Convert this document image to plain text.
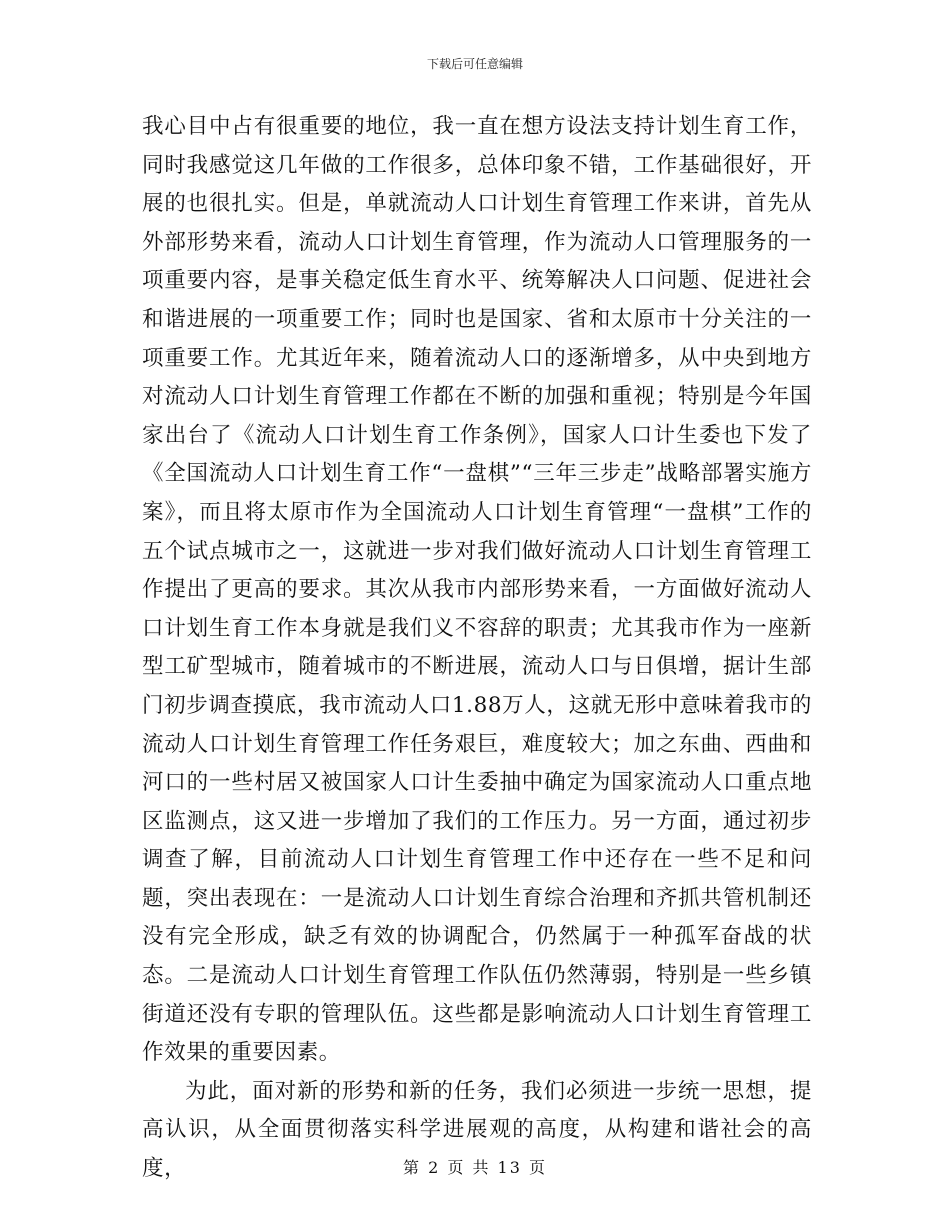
下载后可任意编辑

我心目中占有很重要的地位，我一直在想方设法支持计划生育工作，同时我感觉这几年做的工作很多，总体印象不错，工作基础很好，开展的也很扎实。但是，单就流动人口计划生育管理工作来讲，首先从外部形势来看，流动人口计划生育管理，作为流动人口管理服务的一项重要内容，是事关稳定低生育水平、统筹解决人口问题、促进社会和谐进展的一项重要工作；同时也是国家、省和太原市十分关注的一项重要工作。尤其近年来，随着流动人口的逐渐增多，从中央到地方对流动人口计划生育管理工作都在不断的加强和重视；特别是今年国家出台了《流动人口计划生育工作条例》，国家人口计生委也下发了《全国流动人口计划生育工作“一盘棋”“三年三步走”战略部署实施方案》，而且将太原市作为全国流动人口计划生育管理“一盘棋”工作的五个试点城市之一，这就进一步对我们做好流动人口计划生育管理工作提出了更高的要求。其次从我市内部形势来看，一方面做好流动人口计划生育工作本身就是我们义不容辞的职责；尤其我市作为一座新型工矿型城市，随着城市的不断进展，流动人口与日俱增，据计生部门初步调查摸底，我市流动人口1.88万人，这就无形中意味着我市的流动人口计划生育管理工作任务艰巨，难度较大；加之东曲、西曲和河口的一些村居又被国家人口计生委抽中确定为国家流动人口重点地区监测点，这又进一步增加了我们的工作压力。另一方面，通过初步调查了解，目前流动人口计划生育管理工作中还存在一些不足和问题，突出表现在：一是流动人口计划生育综合治理和齐抓共管机制还没有完全形成，缺乏有效的协调配合，仍然属于一种孤军奋战的状态。二是流动人口计划生育管理工作队伍仍然薄弱，特别是一些乡镇街道还没有专职的管理队伍。这些都是影响流动人口计划生育管理工作效果的重要因素。

为此，面对新的形势和新的任务，我们必须进一步统一思想，提高认识，从全面贯彻落实科学进展观的高度，从构建和谐社会的高度，	第 2 页 共 13 页
